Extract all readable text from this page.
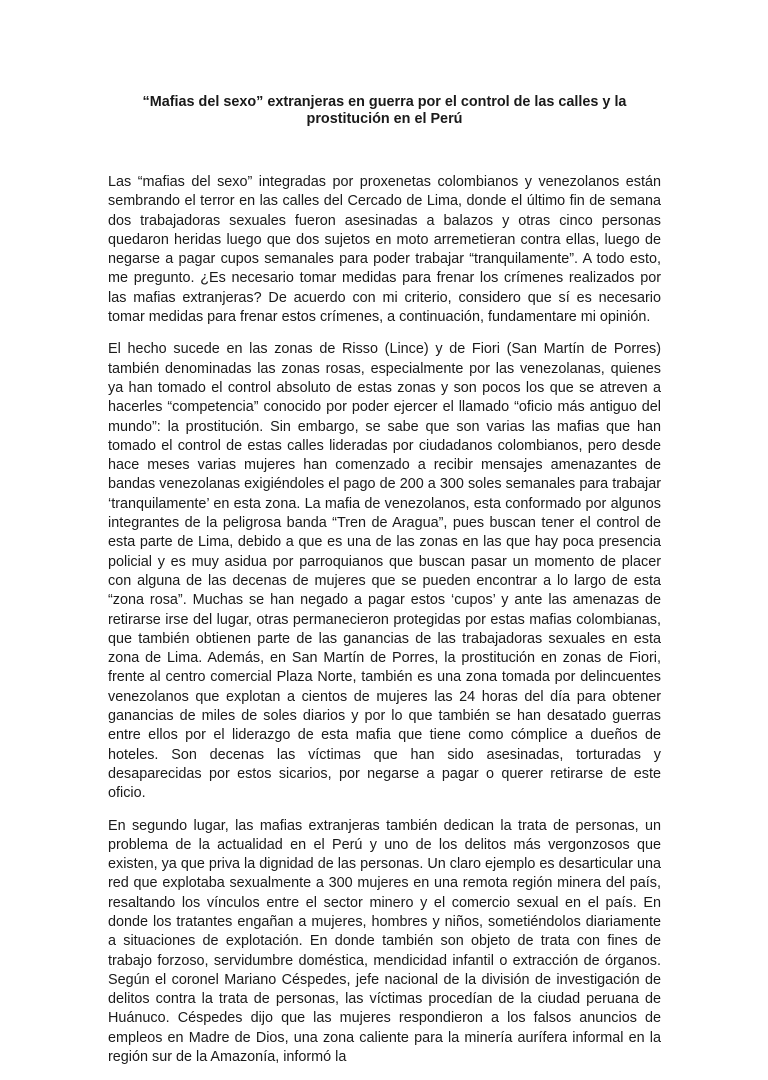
“Mafias del sexo” extranjeras en guerra por el control de las calles y la prostitución en el Perú

Las “mafias del sexo” integradas por proxenetas colombianos y venezolanos están sembrando el terror en las calles del Cercado de Lima, donde el último fin de semana dos trabajadoras sexuales fueron asesinadas a balazos y otras cinco personas quedaron heridas luego que dos sujetos en moto arremetieran contra ellas, luego de negarse a pagar cupos semanales para poder trabajar “tranquilamente”. A todo esto, me pregunto. ¿Es necesario tomar medidas para frenar los crímenes realizados por las mafias extranjeras? De acuerdo con mi criterio, considero que sí es necesario tomar medidas para frenar estos crímenes, a continuación, fundamentare mi opinión.

El hecho sucede en las zonas de Risso (Lince) y de Fiori (San Martín de Porres) también denominadas las zonas rosas, especialmente por las venezolanas, quienes ya han tomado el control absoluto de estas zonas y son pocos los que se atreven a hacerles “competencia” conocido por poder ejercer el llamado “oficio más antiguo del mundo”: la prostitución. Sin embargo, se sabe que son varias las mafias que han tomado el control de estas calles lideradas por ciudadanos colombianos, pero desde hace meses varias mujeres han comenzado a recibir mensajes amenazantes de bandas venezolanas exigiéndoles el pago de 200 a 300 soles semanales para trabajar ‘tranquilamente’ en esta zona. La mafia de venezolanos, esta conformado por algunos integrantes de la peligrosa banda “Tren de Aragua”, pues buscan tener el control de esta parte de Lima, debido a que es una de las zonas en las que hay poca presencia policial y es muy asidua por parroquianos que buscan pasar un momento de placer con alguna de las decenas de mujeres que se pueden encontrar a lo largo de esta “zona rosa”. Muchas se han negado a pagar estos ‘cupos’ y ante las amenazas de retirarse irse del lugar, otras permanecieron protegidas por estas mafias colombianas, que también obtienen parte de las ganancias de las trabajadoras sexuales en esta zona de Lima. Además, en San Martín de Porres, la prostitución en zonas de Fiori, frente al centro comercial Plaza Norte, también es una zona tomada por delincuentes venezolanos que explotan a cientos de mujeres las 24 horas del día para obtener ganancias de miles de soles diarios y por lo que también se han desatado guerras entre ellos por el liderazgo de esta mafia que tiene como cómplice a dueños de hoteles. Son decenas las víctimas que han sido asesinadas, torturadas y desaparecidas por estos sicarios, por negarse a pagar o querer retirarse de este oficio.

En segundo lugar, las mafias extranjeras también dedican la trata de personas, un problema de la actualidad en el Perú y uno de los delitos más vergonzosos que existen, ya que priva la dignidad de las personas. Un claro ejemplo es desarticular una red que explotaba sexualmente a 300 mujeres en una remota región minera del país, resaltando los vínculos entre el sector minero y el comercio sexual en el país. En donde los tratantes engañan a mujeres, hombres y niños, sometiéndolos diariamente a situaciones de explotación. En donde también son objeto de trata con fines de trabajo forzoso, servidumbre doméstica, mendicidad infantil o extracción de órganos. Según el coronel Mariano Céspedes, jefe nacional de la división de investigación de delitos contra la trata de personas, las víctimas procedían de la ciudad peruana de Huánuco. Céspedes dijo que las mujeres respondieron a los falsos anuncios de empleos en Madre de Dios, una zona caliente para la minería aurífera informal en la región sur de la Amazonía, informó la
